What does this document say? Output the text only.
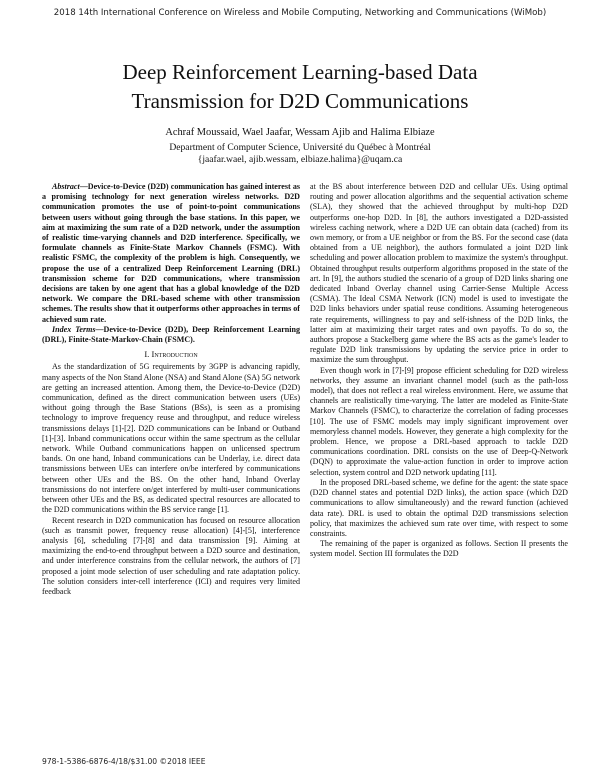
2018 14th International Conference on Wireless and Mobile Computing, Networking and Communications (WiMob)
Deep Reinforcement Learning-based Data
Transmission for D2D Communications
Achraf Moussaid, Wael Jaafar, Wessam Ajib and Halima Elbiaze
Department of Computer Science, Université du Québec à Montréal
{jaafar.wael, ajib.wessam, elbiaze.halima}@uqam.ca

Abstract—Device-to-Device (D2D) communication has gained interest as a promising technology for next generation wireless networks. D2D communication promotes the use of point-to-point communications between users without going through the base stations. In this paper, we aim at maximizing the sum rate of a D2D network, under the assumption of realistic time-varying channels and D2D interference. Specifically, we formulate channels as Finite-State Markov Channels (FSMC). With realistic FSMC, the complexity of the problem is high. Consequently, we propose the use of a centralized Deep Reinforcement Learning (DRL) transmission scheme for D2D communications, where transmission decisions are taken by one agent that has a global knowledge of the D2D network. We compare the DRL-based scheme with other transmission schemes. The results show that it outperforms other approaches in terms of achieved sum rate.

Index Terms—Device-to-Device (D2D), Deep Reinforcement Learning (DRL), Finite-State-Markov-Chain (FSMC).

I. Introduction

As the standardization of 5G requirements by 3GPP is advancing rapidly, many aspects of the Non Stand Alone (NSA) and Stand Alone (SA) 5G network are getting an increased attention. Among them, the Device-to-Device (D2D) communication, defined as the direct communication between users (UEs) without going through the Base Stations (BSs), is seen as a promising technology to improve frequency reuse and throughput, and reduce wireless transmissions delays [1]-[2]. D2D communications can be Inband or Outband [1]-[3]. Inband communications occur within the same spectrum as the cellular network. While Outband communications happen on unlicensed spectrum bands. On one hand, Inband communications can be Underlay, i.e. direct data transmissions between UEs can interfere on/be interfered by communications between other UEs and the BS. On the other hand, Inband Overlay transmissions do not interfere on/get interfered by multi-user communications between other UEs and the BS, as dedicated spectral resources are allocated to the D2D communications within the BS service range [1].

Recent research in D2D communication has focused on resource allocation (such as transmit power, frequency reuse allocation) [4]-[5], interference analysis [6], scheduling [7]-[8] and data transmission [9]. Aiming at maximizing the end-to-end throughput between a D2D source and destination, and under interference constrains from the cellular network, the authors of [7] proposed a joint mode selection of user scheduling and rate adaptation policy. The solution considers inter-cell interference (ICI) and requires very limited feedback

at the BS about interference between D2D and cellular UEs. Using optimal routing and power allocation algorithms and the sequential activation scheme (SLA), they showed that the achieved throughput by multi-hop D2D outperforms one-hop D2D. In [8], the authors investigated a D2D-assisted wireless caching network, where a D2D UE can obtain data (cached) from its own memory, or from a UE neighbor or from the BS. For the second case (data obtained from a UE neighbor), the authors formulated a joint D2D link scheduling and power allocation problem to maximize the system's throughput. Obtained throughput results outperform algorithms proposed in the state of the art. In [9], the authors studied the scenario of a group of D2D links sharing one dedicated Inband Overlay channel using Carrier-Sense Multiple Access (CSMA). The Ideal CSMA Network (ICN) model is used to investigate the D2D links behaviors under spatial reuse conditions. Assuming heterogeneous rate requirements, willingness to pay and self-ishness of the D2D links, the latter aim at maximizing their target rates and own payoffs. To do so, the authors propose a Stackelberg game where the BS acts as the game's leader to regulate D2D link transmissions by updating the service price in order to maximize the sum throughput.

Even though work in [7]-[9] propose efficient scheduling for D2D wireless networks, they assume an invariant channel model (such as the path-loss model), that does not reflect a real wireless environment. Here, we assume that channels are realistically time-varying. The latter are modeled as Finite-State Markov Channels (FSMC), to characterize the correlation of fading processes [10]. The use of FSMC models may imply significant improvement over memoryless channel models. However, they generate a high complexity for the problem. Hence, we propose a DRL-based approach to tackle D2D communications coordination. DRL consists on the use of Deep-Q-Network (DQN) to approximate the value-action function in order to improve action selection, system control and D2D network updating [11].

In the proposed DRL-based scheme, we define for the agent: the state space (D2D channel states and potential D2D links), the action space (which D2D communications to allow simultaneously) and the reward function (achieved data rate). DRL is used to obtain the optimal D2D transmissions selection policy, that maximizes the achieved sum rate over time, with respect to some constraints.

The remaining of the paper is organized as follows. Section II presents the system model. Section III formulates the D2D

978-1-5386-6876-4/18/$31.00 ©2018 IEEE
